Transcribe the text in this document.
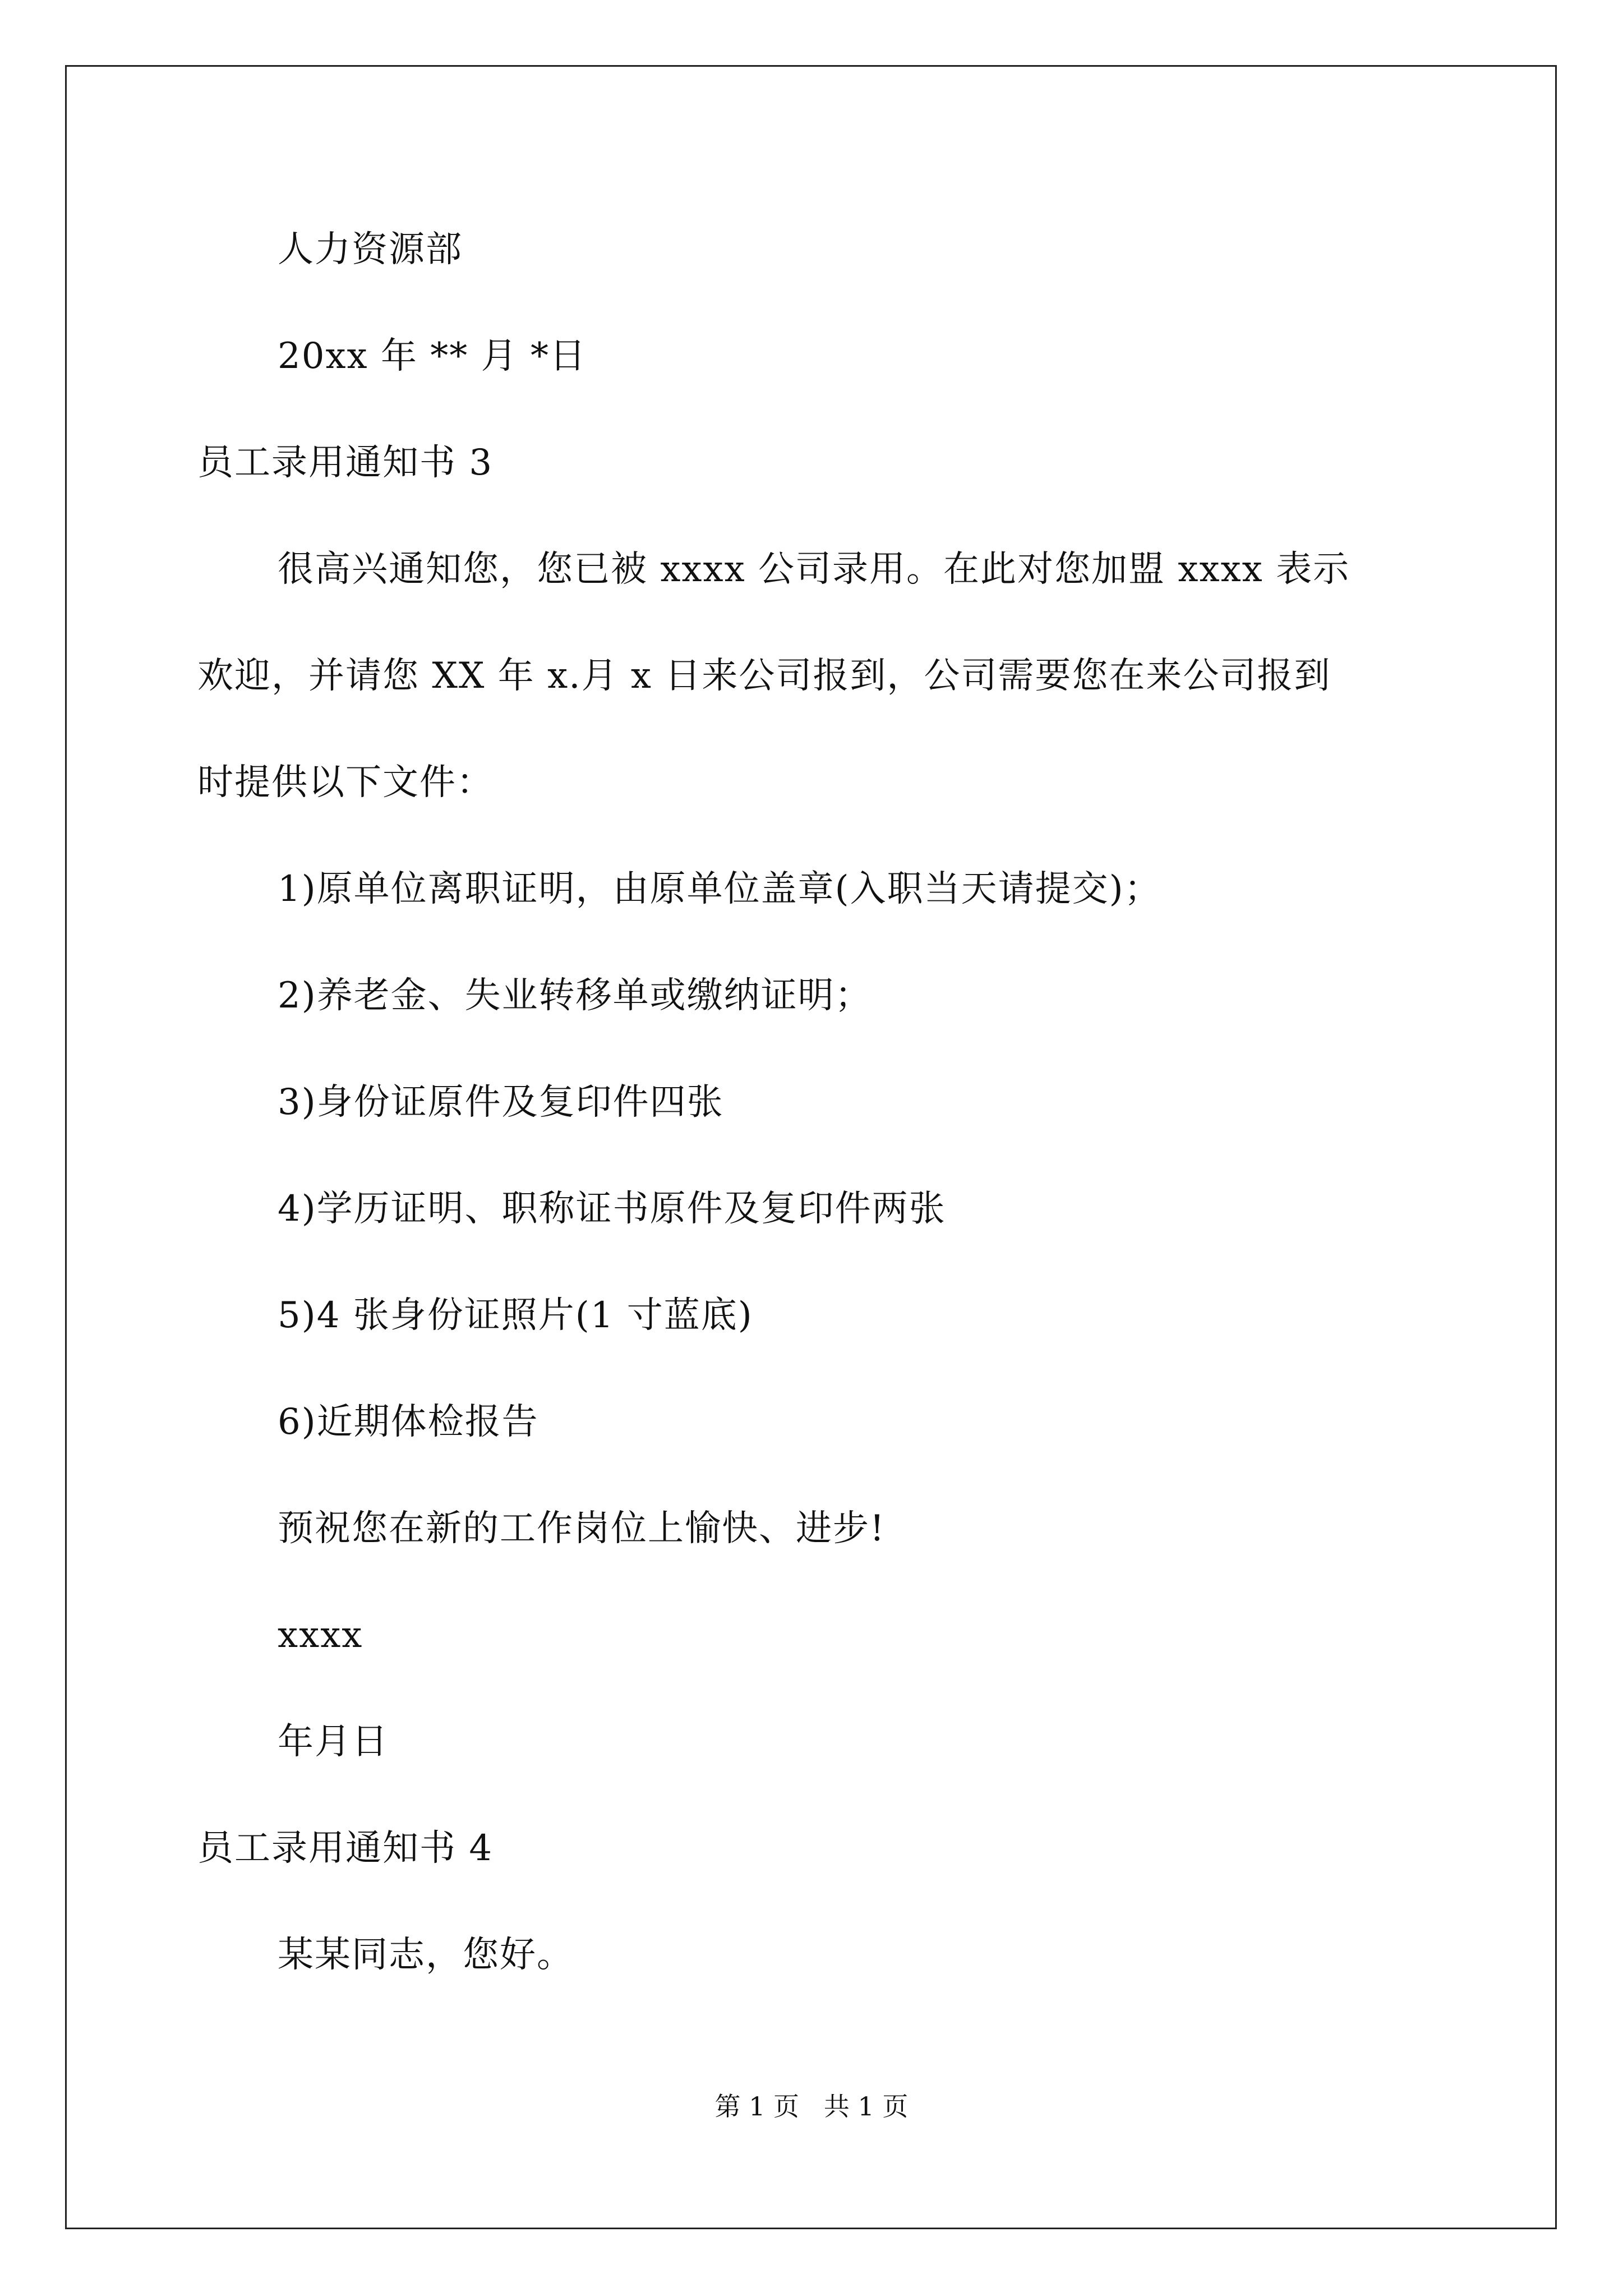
人力资源部
20xx 年 ** 月 *日
员工录用通知书 3
很高兴通知您，您已被 xxxx 公司录用。在此对您加盟 xxxx 表示
欢迎，并请您 XX 年 x.月 x 日来公司报到，公司需要您在来公司报到
时提供以下文件：
1)原单位离职证明，由原单位盖章(入职当天请提交)；
2)养老金、失业转移单或缴纳证明；
3)身份证原件及复印件四张
4)学历证明、职称证书原件及复印件两张
5)4 张身份证照片(1 寸蓝底)
6)近期体检报告
预祝您在新的工作岗位上愉快、进步!
xxxx
年月日
员工录用通知书 4
某某同志，您好。
第 1 页   共 1 页
